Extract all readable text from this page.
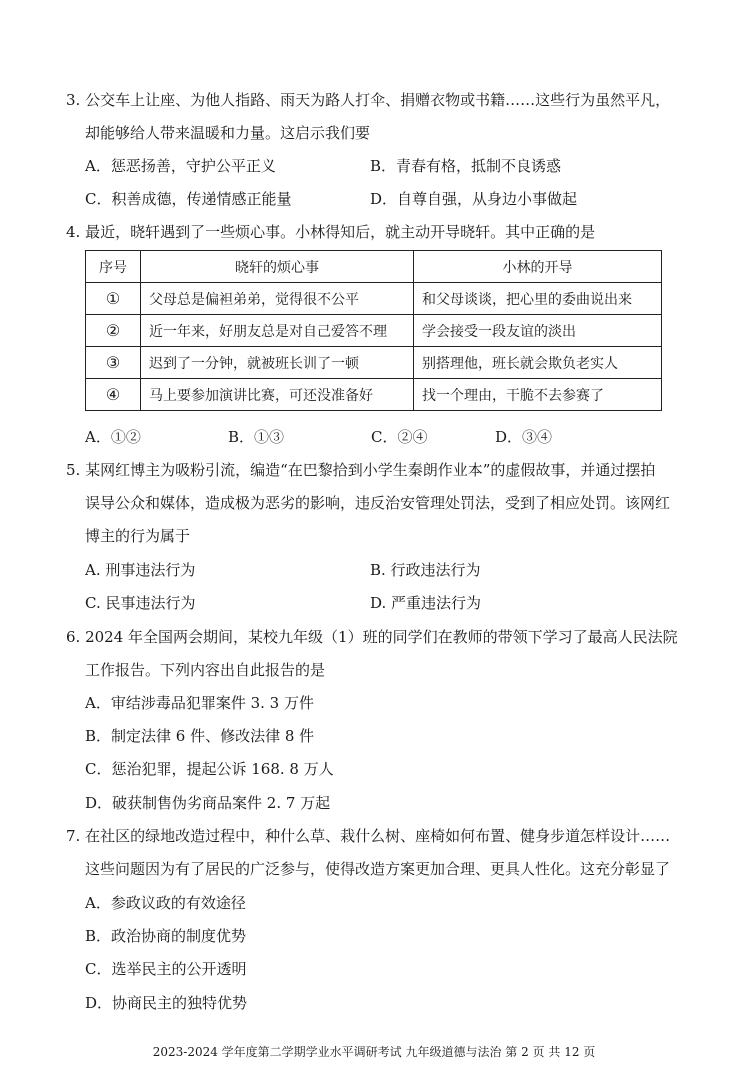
3. 公交车上让座、为他人指路、雨天为路人打伞、捐赠衣物或书籍……这些行为虽然平凡，
却能够给人带来温暖和力量。这启示我们要
A．惩恶扬善，守护公平正义	B．青春有格，抵制不良诱惑
C．积善成德，传递情感正能量	D．自尊自强，从身边小事做起
4. 最近，晓轩遇到了一些烦心事。小林得知后，就主动开导晓轩。其中正确的是
序号	晓轩的烦心事	小林的开导
①	父母总是偏袒弟弟，觉得很不公平	和父母谈谈，把心里的委曲说出来
②	近一年来，好朋友总是对自己爱答不理	学会接受一段友谊的淡出
③	迟到了一分钟，就被班长训了一顿	别搭理他，班长就会欺负老实人
④	马上要参加演讲比赛，可还没准备好	找一个理由，干脆不去参赛了
A．①②	B．①③	C．②④	D．③④
5. 某网红博主为吸粉引流，编造“在巴黎拾到小学生秦朗作业本”的虚假故事，并通过摆拍
误导公众和媒体，造成极为恶劣的影响，违反治安管理处罚法，受到了相应处罚。该网红
博主的行为属于
A. 刑事违法行为	B. 行政违法行为
C. 民事违法行为	D. 严重违法行为
6. 2024 年全国两会期间，某校九年级（1）班的同学们在教师的带领下学习了最高人民法院
工作报告。下列内容出自此报告的是
A．审结涉毒品犯罪案件 3. 3 万件
B．制定法律 6 件、修改法律 8 件
C．惩治犯罪，提起公诉 168. 8 万人
D．破获制售伪劣商品案件 2. 7 万起
7. 在社区的绿地改造过程中，种什么草、栽什么树、座椅如何布置、健身步道怎样设计……
这些问题因为有了居民的广泛参与，使得改造方案更加合理、更具人性化。这充分彰显了
A．参政议政的有效途径
B．政治协商的制度优势
C．选举民主的公开透明
D．协商民主的独特优势
2023-2024 学年度第二学期学业水平调研考试 九年级道德与法治 第 2 页 共 12 页
